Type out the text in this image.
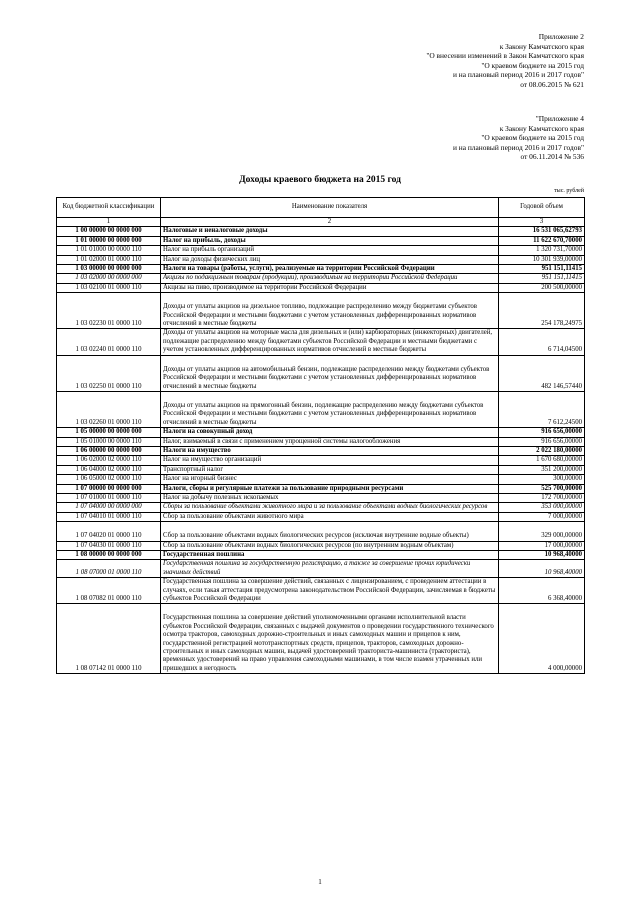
Приложение 2
к Закону Камчатского края
"О внесении изменений в Закон Камчатского края
"О краевом бюджете на 2015 год
и на плановый период 2016 и 2017 годов"
от 08.06.2015 № 621
"Приложение 4
к Закону Камчатского края
"О краевом бюджете на 2015 год
и на плановый период 2016 и 2017 годов"
от 06.11.2014 № 536
Доходы краевого бюджета на 2015 год
тыс. рублей
Код бюджетной классификации	Наименование показателя	Годовой объем
1	2	3
1 00 00000 00 0000 000	Налоговые и неналоговые доходы	16 531 065,62793
1 01 00000 00 0000 000	Налог на прибыль, доходы	11 622 670,70000
1 01 01000 00 0000 110	Налог на прибыль организаций	1 320 731,70000
1 01 02000 01 0000 110	Налог на доходы физических лиц	10 301 939,00000
1 03 00000 00 0000 000	Налоги на товары (работы, услуги), реализуемые на территории Российской Федерации	951 151,11415
1 03 02000 00 0000 000	Акцизы по подакцизным товарам (продукции), производимым на территории Российской Федерации	951 151,11415
1 03 02100 01 0000 110	Акцизы на пиво, производимое на территории Российской Федерации	200 500,00000
1 03 02230 01 0000 110	Доходы от уплаты акцизов на дизельное топливо, подлежащие распределению между бюджетами субъектов Российской Федерации и местными бюджетами с учетом установленных дифференцированных нормативов отчислений в местные бюджеты	254 178,24975
1 03 02240 01 0000 110	Доходы от уплаты акцизов на моторные масла для дизельных и (или) карбюраторных (инжекторных) двигателей, подлежащие распределению между бюджетами субъектов Российской Федерации и местными бюджетами с учетом установленных дифференцированных нормативов отчислений в местные бюджеты	6 714,04500
1 03 02250 01 0000 110	Доходы от уплаты акцизов на автомобильный бензин, подлежащие распределению между бюджетами субъектов Российской Федерации и местными бюджетами с учетом установленных дифференцированных нормативов отчислений в местные бюджеты	482 146,57440
1 03 02260 01 0000 110	Доходы от уплаты акцизов на прямогонный бензин, подлежащие распределению между бюджетами субъектов Российской Федерации и местными бюджетами с учетом установленных дифференцированных нормативов отчислений в местные бюджеты	7 612,24500
1 05 00000 00 0000 000	Налоги на совокупный доход	916 656,00000
1 05 01000 00 0000 110	Налог, взимаемый в связи с применением упрощенной системы налогообложения	916 656,00000
1 06 00000 00 0000 000	Налоги на имущество	2 022 180,00000
1 06 02000 02 0000 110	Налог на имущество организаций	1 670 680,00000
1 06 04000 02 0000 110	Транспортный налог	351 200,00000
1 06 05000 02 0000 110	Налог на игорный бизнес	300,00000
1 07 00000 00 0000 000	Налоги, сборы и регулярные платежи за пользование природными ресурсами	525 700,00000
1 07 01000 01 0000 110	Налог на добычу полезных ископаемых	172 700,00000
1 07 04000 00 0000 000	Сборы за пользование объектами животного мира и за пользование объектами водных биологических ресурсов	353 000,00000
1 07 04010 01 0000 110	Сбор за пользование объектами животного мира	7 000,00000
1 07 04020 01 0000 110	Сбор за пользование объектами водных биологических ресурсов (исключая внутренние водные объекты)	329 000,00000
1 07 04030 01 0000 110	Сбор за пользование объектами водных биологических ресурсов (по внутренним водным объектам)	17 000,00000
1 08 00000 00 0000 000	Государственная пошлина	10 968,40000
1 08 07000 01 0000 110	Государственная пошлина за государственную регистрацию, а также за совершение прочих юридически значимых действий	10 968,40000
1 08 07082 01 0000 110	Государственная пошлина за совершение действий, связанных с лицензированием, с проведением аттестации в случаях, если такая аттестация предусмотрена законодательством Российской Федерации, зачисляемая в бюджеты субъектов Российской Федерации	6 368,40000
1 08 07142 01 0000 110	Государственная пошлина за совершение действий уполномоченными органами исполнительной власти субъектов Российской Федерации, связанных с выдачей документов о проведении государственного технического осмотра тракторов, самоходных дорожно-строительных и иных самоходных машин и прицепов к ним, государственной регистрацией мототранспортных средств, прицепов, тракторов, самоходных дорожно-строительных и иных самоходных машин, выдачей удостоверений тракториста-машиниста (тракториста), временных удостоверений на право управления самоходными машинами, в том числе взамен утраченных или пришедших в негодность	4 000,00000
1
